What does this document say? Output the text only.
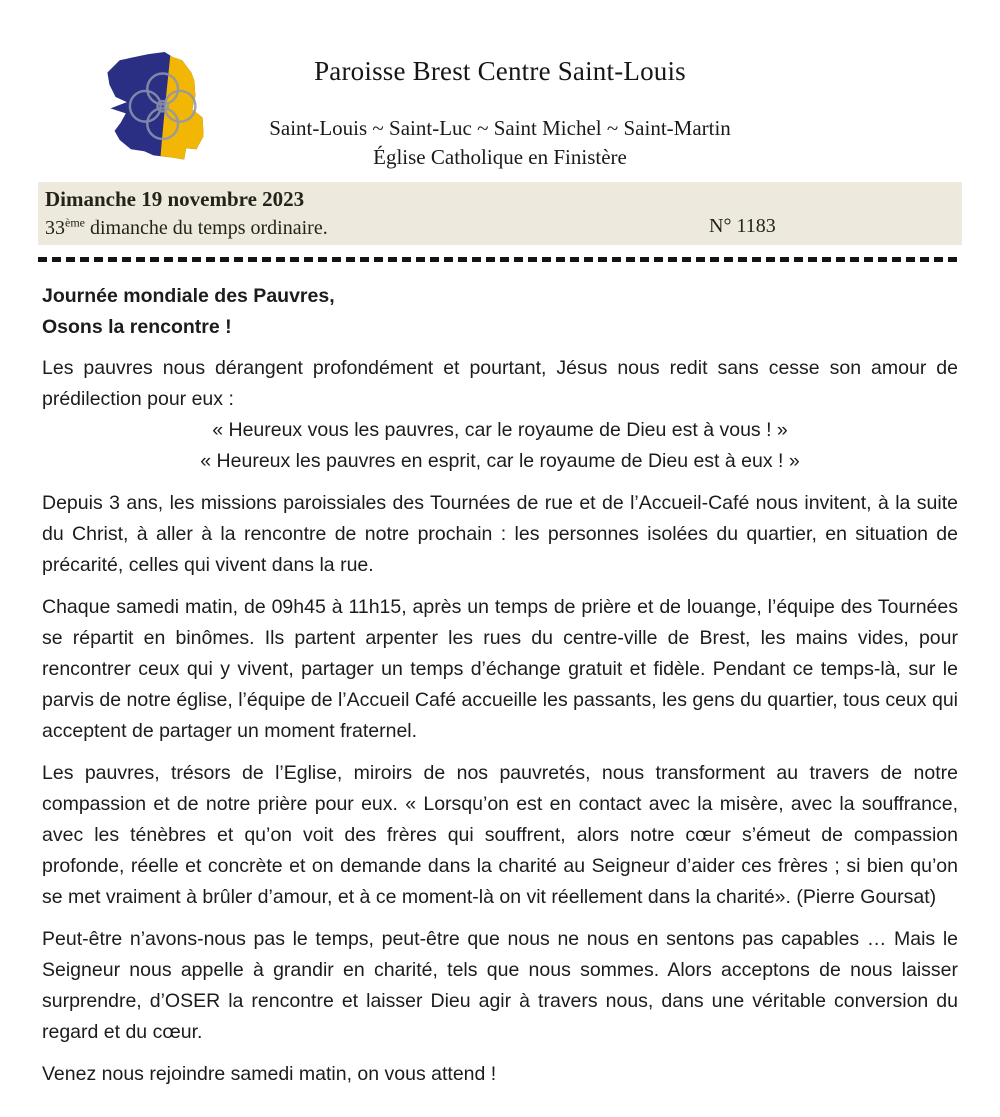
Paroisse Brest Centre Saint-Louis
Saint-Louis ~ Saint-Luc ~ Saint Michel ~ Saint-Martin
Église Catholique en Finistère
Dimanche 19 novembre 2023
33ème dimanche du temps ordinaire.	N° 1183
Journée mondiale des Pauvres,
Osons la rencontre !

Les pauvres nous dérangent profondément et pourtant, Jésus nous redit sans cesse son amour de prédilection pour eux :

« Heureux vous les pauvres, car le royaume de Dieu est à vous ! »
« Heureux les pauvres en esprit, car le royaume de Dieu est à eux ! »

Depuis 3 ans, les missions paroissiales des Tournées de rue et de l’Accueil-Café nous invitent, à la suite du Christ, à aller à la rencontre de notre prochain : les personnes isolées du quartier, en situation de précarité, celles qui vivent dans la rue.

Chaque samedi matin, de 09h45 à 11h15, après un temps de prière et de louange, l’équipe des Tournées se répartit en binômes. Ils partent arpenter les rues du centre-ville de Brest, les mains vides, pour rencontrer ceux qui y vivent, partager un temps d’échange gratuit et fidèle. Pendant ce temps-là, sur le parvis de notre église, l’équipe de l’Accueil Café accueille les passants, les gens du quartier, tous ceux qui acceptent de partager un moment fraternel.

Les pauvres, trésors de l’Eglise, miroirs de nos pauvretés, nous transforment au travers de notre compassion et de notre prière pour eux. « Lorsqu’on est en contact avec la misère, avec la souffrance, avec les ténèbres et qu’on voit des frères qui souffrent, alors notre cœur s’émeut de compassion profonde, réelle et concrète et on demande dans la charité au Seigneur d’aider ces frères ; si bien qu’on se met vraiment à brûler d’amour, et à ce moment-là on vit réellement dans la charité». (Pierre Goursat)

Peut-être n’avons-nous pas le temps, peut-être que nous ne nous en sentons pas capables … Mais le Seigneur nous appelle à grandir en charité, tels que nous sommes. Alors acceptons de nous laisser surprendre, d’OSER la rencontre et laisser Dieu agir à travers nous, dans une véritable conversion du regard et du cœur.

Venez nous rejoindre samedi matin, on vous attend !
